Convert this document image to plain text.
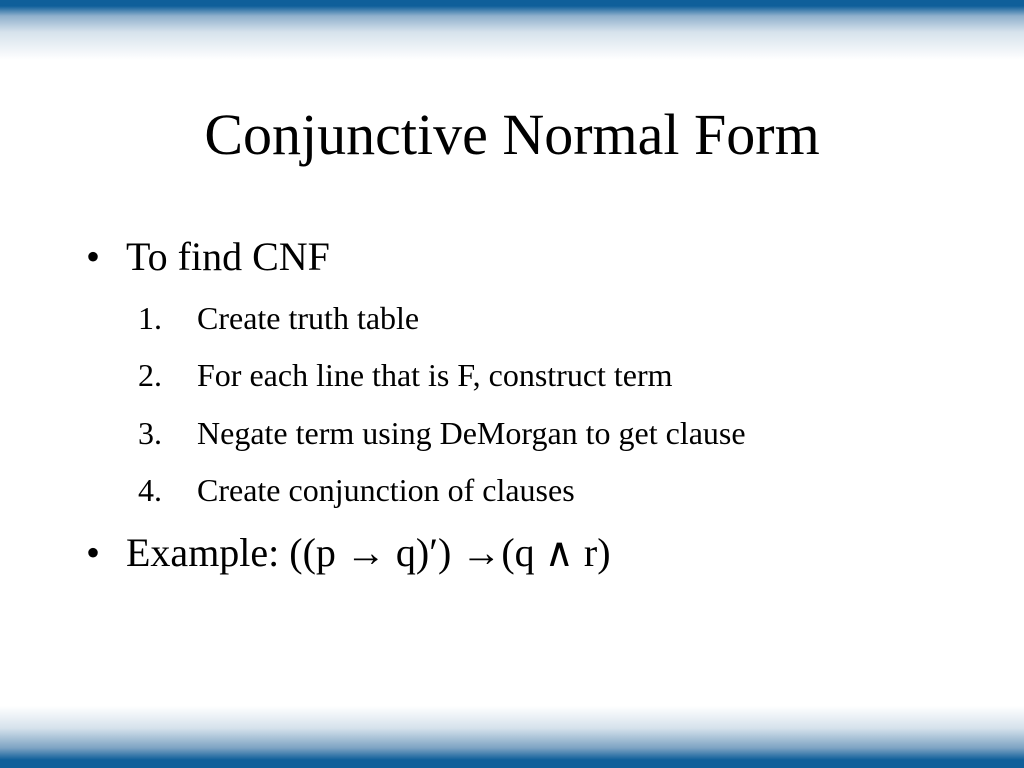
Conjunctive Normal Form
• To find CNF
1. Create truth table
2. For each line that is F, construct term
3. Negate term using DeMorgan to get clause
4. Create conjunction of clauses
• Example: ((p → q)′) →(q ∧ r)
